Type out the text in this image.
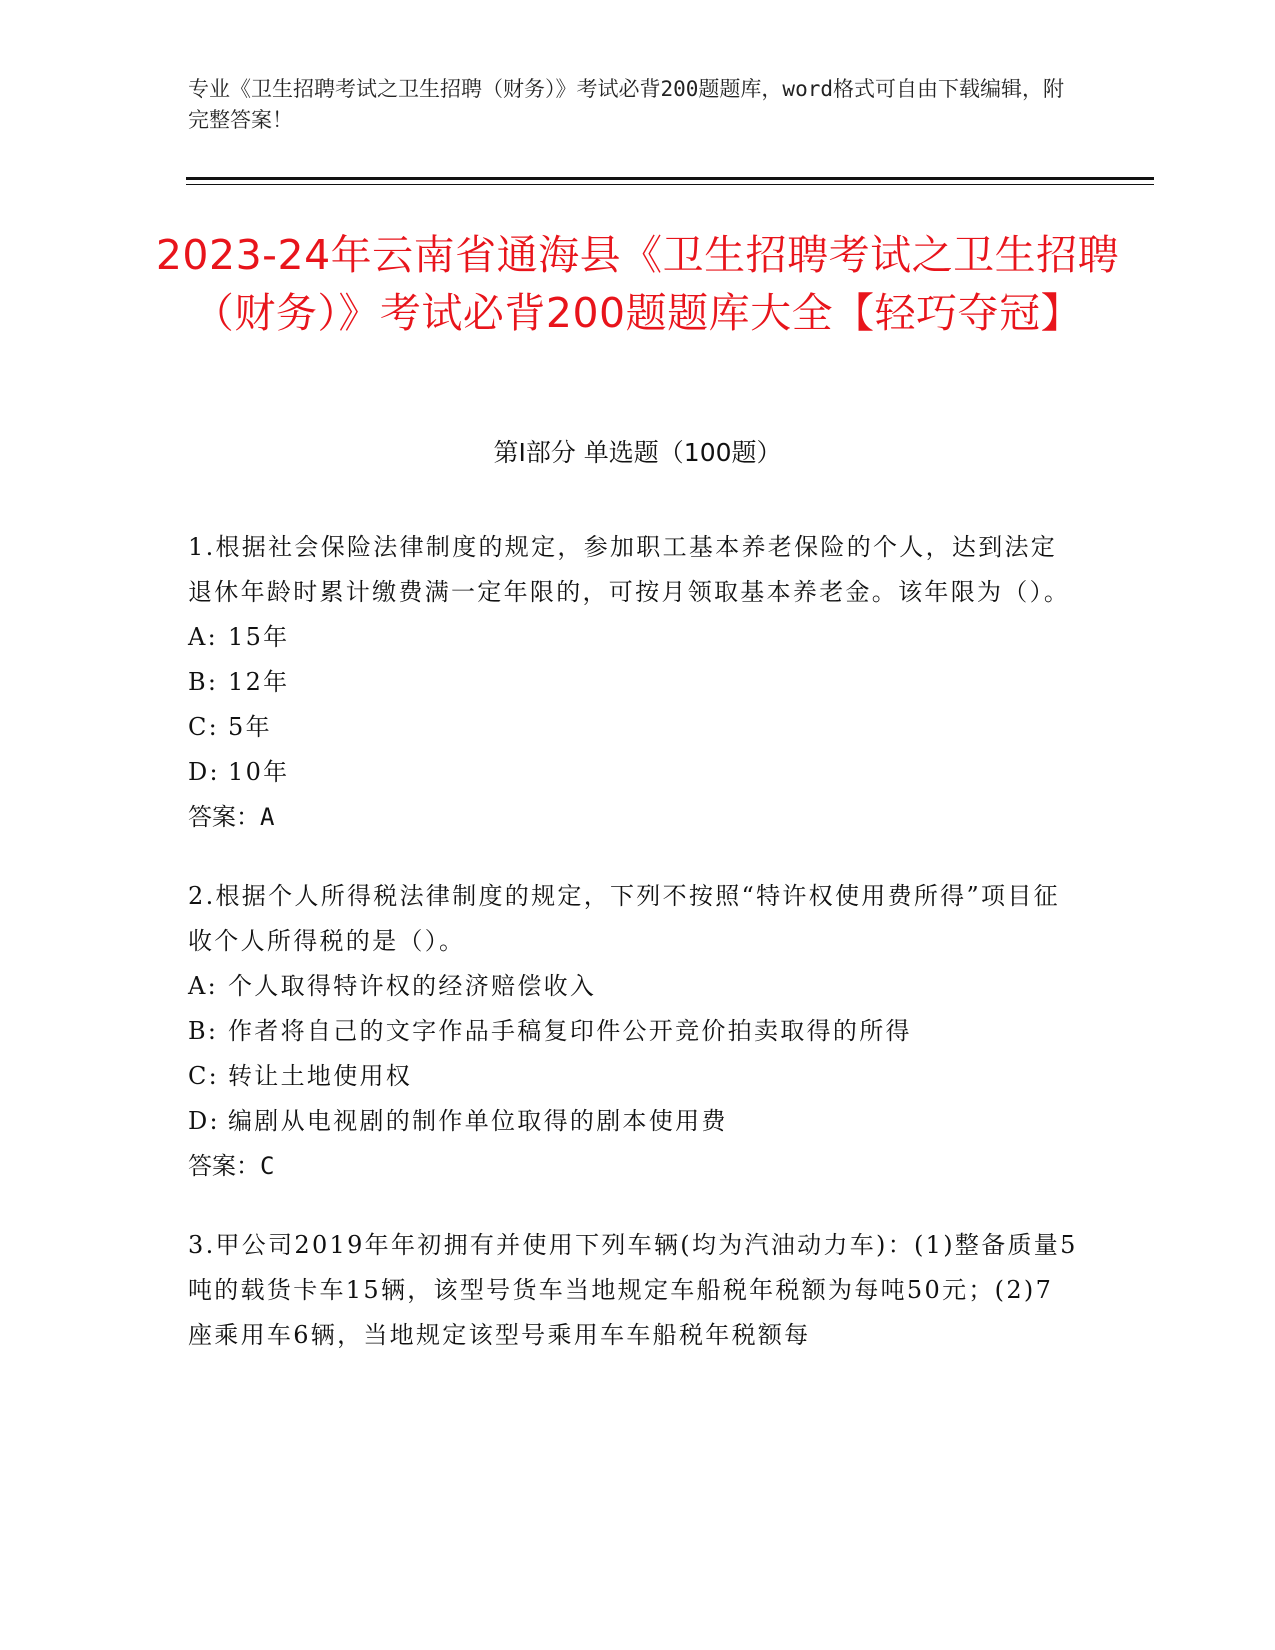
专业《卫生招聘考试之卫生招聘（财务）》考试必背200题题库，word格式可自由下载编辑，附完整答案！
2023-24年云南省通海县《卫生招聘考试之卫生招聘（财务）》考试必背200题题库大全【轻巧夺冠】
第Ⅰ部分 单选题（100题）

1.根据社会保险法律制度的规定，参加职工基本养老保险的个人，达到法定退休年龄时累计缴费满一定年限的，可按月领取基本养老金。该年限为（）。

A: 15年

B: 12年

C: 5年

D: 10年

答案：A

2.根据个人所得税法律制度的规定，下列不按照“特许权使用费所得”项目征收个人所得税的是（）。

A: 个人取得特许权的经济赔偿收入

B: 作者将自己的文字作品手稿复印件公开竞价拍卖取得的所得

C: 转让土地使用权

D: 编剧从电视剧的制作单位取得的剧本使用费

答案：C

3.甲公司2019年年初拥有并使用下列车辆(均为汽油动力车)：(1)整备质量5吨的载货卡车15辆，该型号货车当地规定车船税年税额为每吨50元；(2)7座乘用车6辆，当地规定该型号乘用车车船税年税额每
